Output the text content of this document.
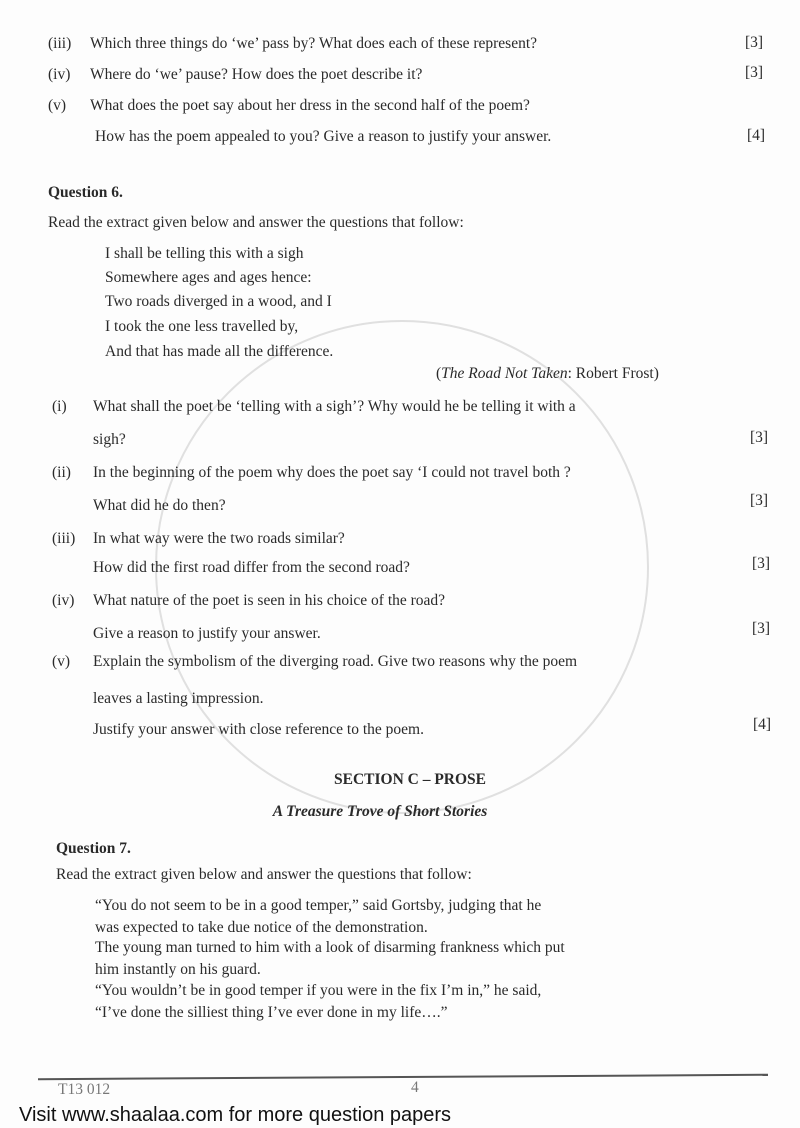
(iii) Which three things do ‘we’ pass by? What does each of these represent?	[3]
(iv) Where do ‘we’ pause? How does the poet describe it?	[3]
(v) What does the poet say about her dress in the second half of the poem?
How has the poem appealed to you? Give a reason to justify your answer.	[4]
Question 6.
Read the extract given below and answer the questions that follow:
I shall be telling this with a sigh
Somewhere ages and ages hence:
Two roads diverged in a wood, and I
I took the one less travelled by,
And that has made all the difference.
(The Road Not Taken: Robert Frost)
(i) What shall the poet be ‘telling with a sigh’? Why would he be telling it with a
sigh?	[3]
(ii) In the beginning of the poem why does the poet say ‘I could not travel both ?
What did he do then?	[3]
(iii) In what way were the two roads similar?
How did the first road differ from the second road?	[3]
(iv) What nature of the poet is seen in his choice of the road?
Give a reason to justify your answer.	[3]
(v) Explain the symbolism of the diverging road. Give two reasons why the poem
leaves a lasting impression.
Justify your answer with close reference to the poem.	[4]
SECTION C – PROSE
A Treasure Trove of Short Stories
Question 7.
Read the extract given below and answer the questions that follow:
“You do not seem to be in a good temper,” said Gortsby, judging that he
was expected to take due notice of the demonstration.
The young man turned to him with a look of disarming frankness which put
him instantly on his guard.
“You wouldn’t be in good temper if you were in the fix I’m in,” he said,
“I’ve done the silliest thing I’ve ever done in my life….”
T13 012	4
Visit www.shaalaa.com for more question papers
